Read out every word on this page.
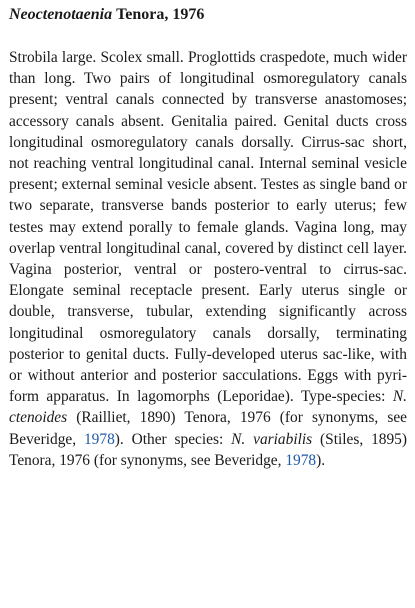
Neoctenotaenia Tenora, 1976

Strobila large. Scolex small. Proglottids craspedote, much wider than long. Two pairs of longitudinal osmoregulatory canals present; ventral canals connected by transverse anastomoses; accessory canals absent. Genitalia paired. Genital ducts cross longitudinal osmoregulatory canals dorsally. Cirrus-sac short, not reaching ventral longitudinal canal. Internal seminal vesicle present; external seminal vesicle absent. Testes as single band or two separate, transverse bands posterior to early uterus; few testes may extend porally to female glands. Vagina long, may overlap ventral longitudinal canal, covered by distinct cell layer. Vagina posterior, ventral or postero-ventral to cirrus-sac. Elongate seminal receptacle present. Early uterus single or double, transverse, tubular, extending significantly across longitudinal osmoregulatory canals dorsally, terminating posterior to genital ducts. Fully-developed uterus sac-like, with or without anterior and posterior sacculations. Eggs with pyriform apparatus. In lagomorphs (Leporidae). Type-species: N. ctenoides (Railliet, 1890) Tenora, 1976 (for synonyms, see Beveridge, 1978). Other species: N. variabilis (Stiles, 1895) Tenora, 1976 (for synonyms, see Beveridge, 1978).
